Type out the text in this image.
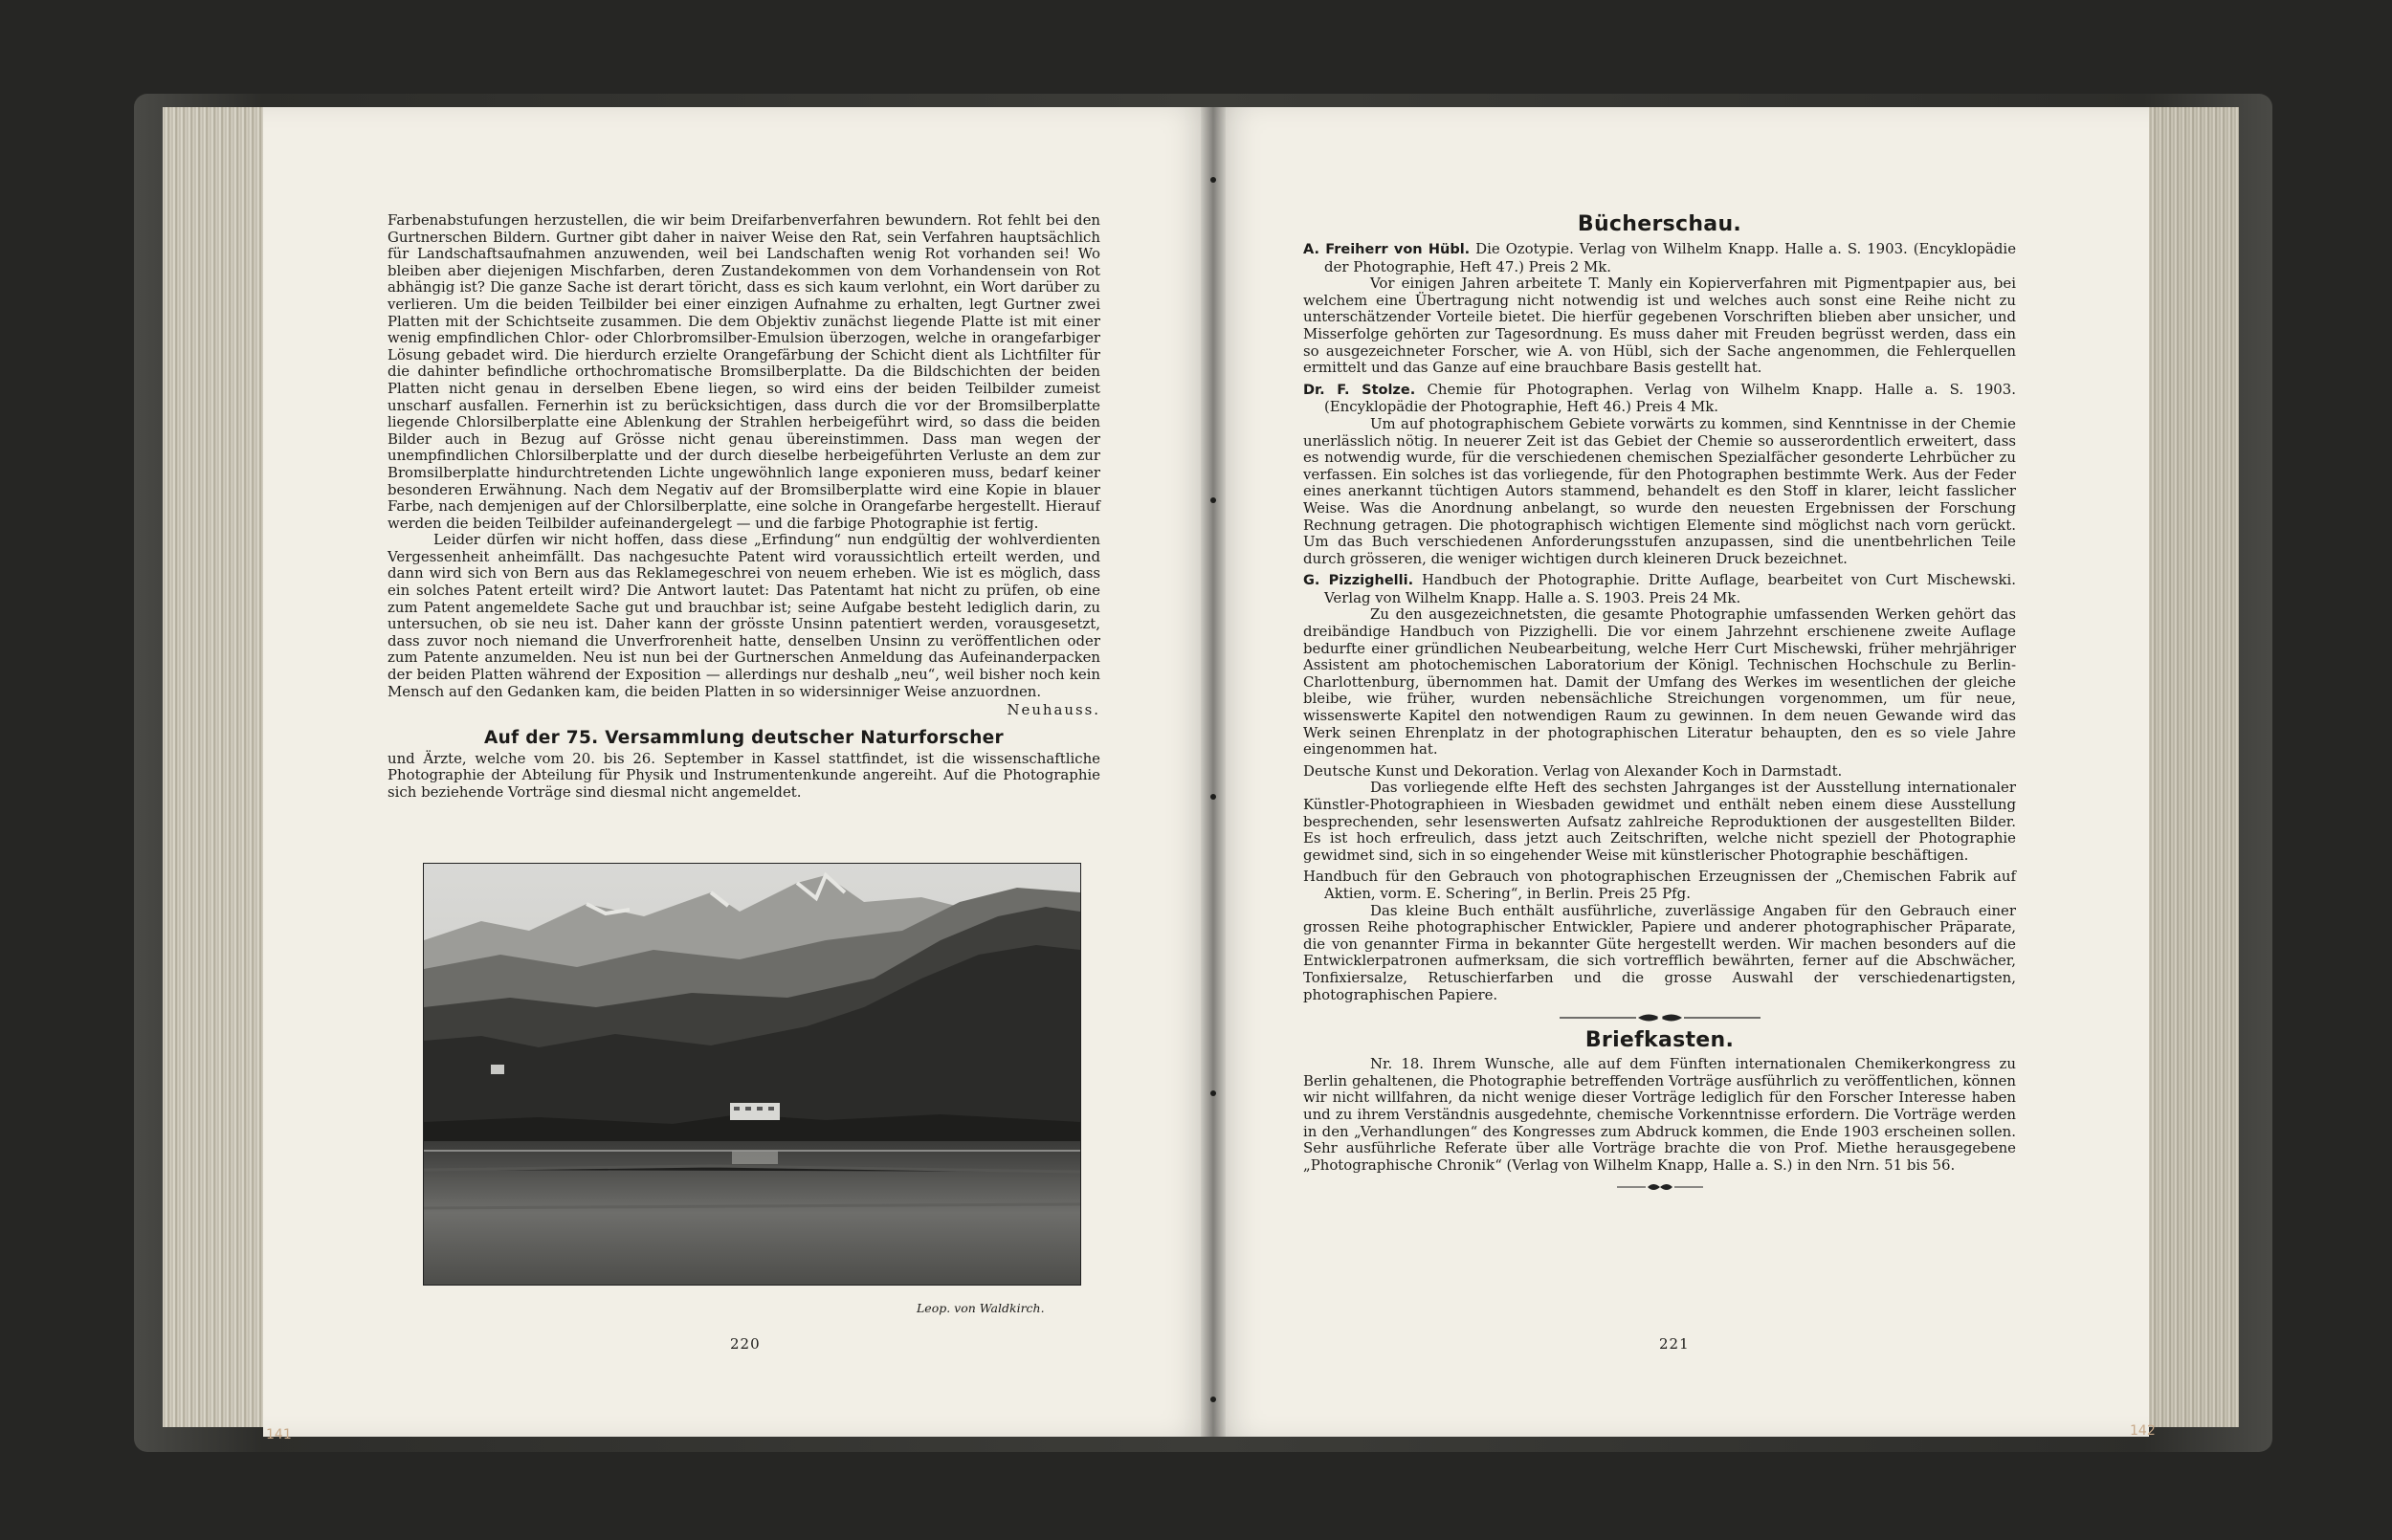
Farbenabstufungen herzustellen, die wir beim Dreifarbenverfahren bewundern. Rot fehlt bei den Gurtnerschen Bildern. Gurtner gibt daher in naiver Weise den Rat, sein Verfahren hauptsächlich für Landschaftsaufnahmen anzuwenden, weil bei Landschaften wenig Rot vorhanden sei! Wo bleiben aber diejenigen Mischfarben, deren Zustandekommen von dem Vorhandensein von Rot abhängig ist? Die ganze Sache ist derart töricht, dass es sich kaum verlohnt, ein Wort darüber zu verlieren. Um die beiden Teilbilder bei einer einzigen Aufnahme zu erhalten, legt Gurtner zwei Platten mit der Schichtseite zusammen. Die dem Objektiv zunächst liegende Platte ist mit einer wenig empfindlichen Chlor- oder Chlorbromsilber-Emulsion überzogen, welche in orangefarbiger Lösung gebadet wird. Die hierdurch erzielte Orangefärbung der Schicht dient als Lichtfilter für die dahinter befindliche orthochromatische Bromsilberplatte. Da die Bildschichten der beiden Platten nicht genau in derselben Ebene liegen, so wird eins der beiden Teilbilder zumeist unscharf ausfallen. Fernerhin ist zu berücksichtigen, dass durch die vor der Bromsilberplatte liegende Chlorsilberplatte eine Ablenkung der Strahlen herbeigeführt wird, so dass die beiden Bilder auch in Bezug auf Grösse nicht genau übereinstimmen. Dass man wegen der unempfindlichen Chlorsilberplatte und der durch dieselbe herbeigeführten Verluste an dem zur Bromsilberplatte hindurchtretenden Lichte ungewöhnlich lange exponieren muss, bedarf keiner besonderen Erwähnung. Nach dem Negativ auf der Bromsilberplatte wird eine Kopie in blauer Farbe, nach demjenigen auf der Chlorsilberplatte, eine solche in Orangefarbe hergestellt. Hierauf werden die beiden Teilbilder aufeinandergelegt — und die farbige Photographie ist fertig.

Leider dürfen wir nicht hoffen, dass diese „Erfindung“ nun endgültig der wohlverdienten Vergessenheit anheimfällt. Das nachgesuchte Patent wird voraussichtlich erteilt werden, und dann wird sich von Bern aus das Reklamegeschrei von neuem erheben. Wie ist es möglich, dass ein solches Patent erteilt wird? Die Antwort lautet: Das Patentamt hat nicht zu prüfen, ob eine zum Patent angemeldete Sache gut und brauchbar ist; seine Aufgabe besteht lediglich darin, zu untersuchen, ob sie neu ist. Daher kann der grösste Unsinn patentiert werden, vorausgesetzt, dass zuvor noch niemand die Unverfrorenheit hatte, denselben Unsinn zu veröffentlichen oder zum Patente anzumelden. Neu ist nun bei der Gurtnerschen Anmeldung das Aufeinanderpacken der beiden Platten während der Exposition — allerdings nur deshalb „neu“, weil bisher noch kein Mensch auf den Gedanken kam, die beiden Platten in so widersinniger Weise anzuordnen.

Neuhauss.

Auf der 75. Versammlung deutscher Naturforscher

und Ärzte, welche vom 20. bis 26. September in Kassel stattfindet, ist die wissenschaftliche Photographie der Abteilung für Physik und Instrumentenkunde angereiht. Auf die Photographie sich beziehende Vorträge sind diesmal nicht angemeldet.

Leop. von Waldkirch.
220
141
Bücherschau.

A. Freiherr von Hübl. Die Ozotypie. Verlag von Wilhelm Knapp. Halle a. S. 1903. (Encyklopädie der Photographie, Heft 47.) Preis 2 Mk.

Vor einigen Jahren arbeitete T. Manly ein Kopierverfahren mit Pigmentpapier aus, bei welchem eine Übertragung nicht notwendig ist und welches auch sonst eine Reihe nicht zu unterschätzender Vorteile bietet. Die hierfür gegebenen Vorschriften blieben aber unsicher, und Misserfolge gehörten zur Tagesordnung. Es muss daher mit Freuden begrüsst werden, dass ein so ausgezeichneter Forscher, wie A. von Hübl, sich der Sache angenommen, die Fehlerquellen ermittelt und das Ganze auf eine brauchbare Basis gestellt hat.

Dr. F. Stolze. Chemie für Photographen. Verlag von Wilhelm Knapp. Halle a. S. 1903. (Encyklopädie der Photographie, Heft 46.) Preis 4 Mk.

Um auf photographischem Gebiete vorwärts zu kommen, sind Kenntnisse in der Chemie unerlässlich nötig. In neuerer Zeit ist das Gebiet der Chemie so ausserordentlich erweitert, dass es notwendig wurde, für die verschiedenen chemischen Spezialfächer gesonderte Lehrbücher zu verfassen. Ein solches ist das vorliegende, für den Photographen bestimmte Werk. Aus der Feder eines anerkannt tüchtigen Autors stammend, behandelt es den Stoff in klarer, leicht fasslicher Weise. Was die Anordnung anbelangt, so wurde den neuesten Ergebnissen der Forschung Rechnung getragen. Die photographisch wichtigen Elemente sind möglichst nach vorn gerückt. Um das Buch verschiedenen Anforderungsstufen anzupassen, sind die unentbehrlichen Teile durch grösseren, die weniger wichtigen durch kleineren Druck bezeichnet.

G. Pizzighelli. Handbuch der Photographie. Dritte Auflage, bearbeitet von Curt Mischewski. Verlag von Wilhelm Knapp. Halle a. S. 1903. Preis 24 Mk.

Zu den ausgezeichnetsten, die gesamte Photographie umfassenden Werken gehört das dreibändige Handbuch von Pizzighelli. Die vor einem Jahrzehnt erschienene zweite Auflage bedurfte einer gründlichen Neubearbeitung, welche Herr Curt Mischewski, früher mehrjähriger Assistent am photochemischen Laboratorium der Königl. Technischen Hochschule zu Berlin-Charlottenburg, übernommen hat. Damit der Umfang des Werkes im wesentlichen der gleiche bleibe, wie früher, wurden nebensächliche Streichungen vorgenommen, um für neue, wissenswerte Kapitel den notwendigen Raum zu gewinnen. In dem neuen Gewande wird das Werk seinen Ehrenplatz in der photographischen Literatur behaupten, den es so viele Jahre eingenommen hat.

Deutsche Kunst und Dekoration. Verlag von Alexander Koch in Darmstadt.

Das vorliegende elfte Heft des sechsten Jahrganges ist der Ausstellung internationaler Künstler-Photographieen in Wiesbaden gewidmet und enthält neben einem diese Ausstellung besprechenden, sehr lesenswerten Aufsatz zahlreiche Reproduktionen der ausgestellten Bilder. Es ist hoch erfreulich, dass jetzt auch Zeitschriften, welche nicht speziell der Photographie gewidmet sind, sich in so eingehender Weise mit künstlerischer Photographie beschäftigen.

Handbuch für den Gebrauch von photographischen Erzeugnissen der „Chemischen Fabrik auf Aktien, vorm. E. Schering“, in Berlin. Preis 25 Pfg.

Das kleine Buch enthält ausführliche, zuverlässige Angaben für den Gebrauch einer grossen Reihe photographischer Entwickler, Papiere und anderer photographischer Präparate, die von genannter Firma in bekannter Güte hergestellt werden. Wir machen besonders auf die Entwicklerpatronen aufmerksam, die sich vortrefflich bewährten, ferner auf die Abschwächer, Tonfixiersalze, Retuschierfarben und die grosse Auswahl der verschiedenartigsten, photographischen Papiere.

Briefkasten.

Nr. 18. Ihrem Wunsche, alle auf dem Fünften internationalen Chemikerkongress zu Berlin gehaltenen, die Photographie betreffenden Vorträge ausführlich zu veröffentlichen, können wir nicht willfahren, da nicht wenige dieser Vorträge lediglich für den Forscher Interesse haben und zu ihrem Verständnis ausgedehnte, chemische Vorkenntnisse erfordern. Die Vorträge werden in den „Verhandlungen“ des Kongresses zum Abdruck kommen, die Ende 1903 erscheinen sollen. Sehr ausführliche Referate über alle Vorträge brachte die von Prof. Miethe herausgegebene „Photographische Chronik“ (Verlag von Wilhelm Knapp, Halle a. S.) in den Nrn. 51 bis 56.

221
142
